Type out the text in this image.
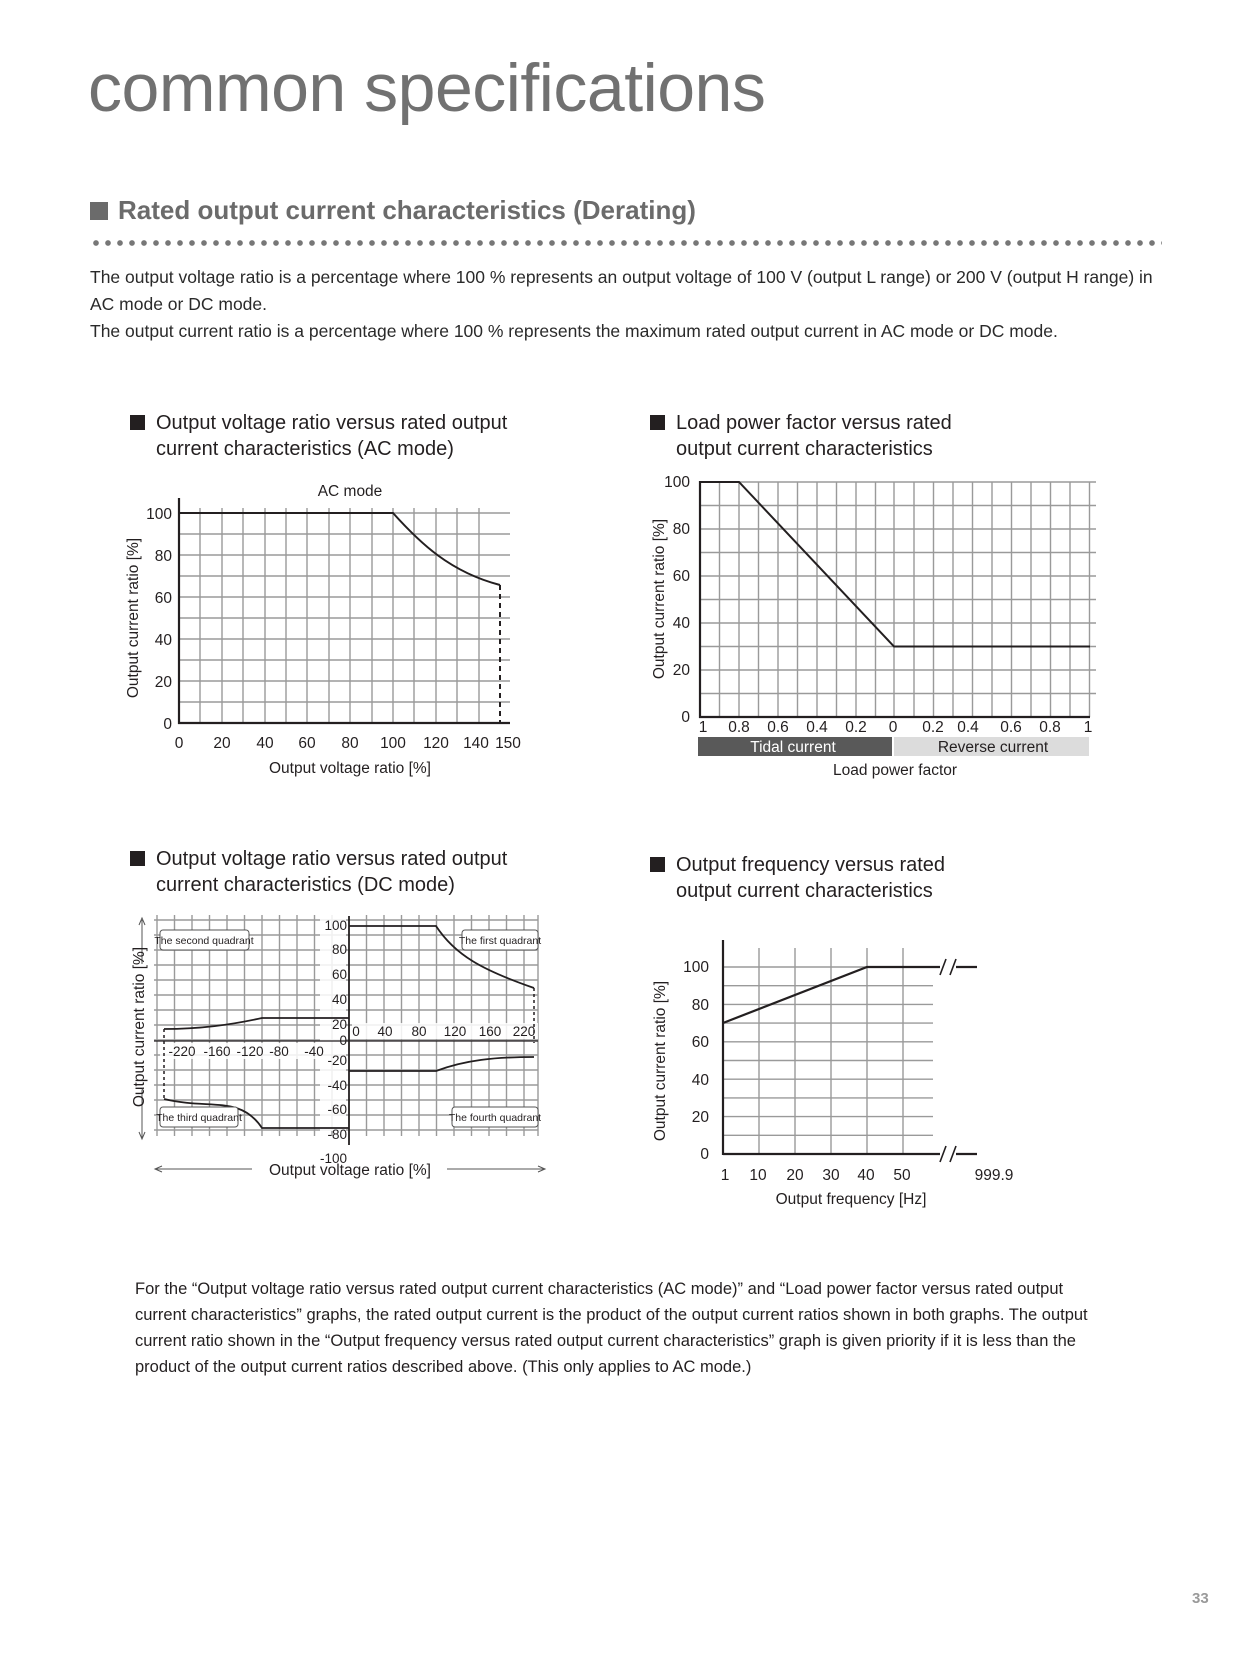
common specifications
Rated output current characteristics (Derating)

The output voltage ratio is a percentage where 100 % represents an output voltage of 100 V (output L range) or 200 V (output H range) in AC mode or DC mode.

The output current ratio is a percentage where 100 % represents the maximum rated output current in AC mode or DC mode.

Output voltage ratio versus rated output
current characteristics (AC mode)
AC mode
0
20
40
60
80
100
0 20 40 60 80 100 120 140 150
Output voltage ratio [%]
Output current ratio [%]
Load power factor versus rated
output current characteristics
0
20
40
60
80
100
1 0.8 0.6 0.4 0.2 0 0.2 0.4 0.6 0.8 1
Tidal current	Reverse current
Load power factor
Output current ratio [%]
Output voltage ratio versus rated output
current characteristics (DC mode)
The second quadrant	The first quadrant
The third quadrant	The fourth quadrant
100
80
60
40
20
0
-20
-40
-60
-80
-100
0 40 80 120 160 220
-220 -160 -120 -80 -40
Output voltage ratio [%]
Output current ratio [%]
Output frequency versus rated
output current characteristics
0
20
40
60
80
100
1 10 20 30 40 50	999.9
Output frequency [Hz]
Output current ratio [%]

For the “Output voltage ratio versus rated output current characteristics (AC mode)” and “Load power factor versus rated output current characteristics” graphs, the rated output current is the product of the output current ratios shown in both graphs. The output current ratio shown in the “Output frequency versus rated output current characteristics” graph is given priority if it is less than the product of the output current ratios described above. (This only applies to AC mode.)

33
